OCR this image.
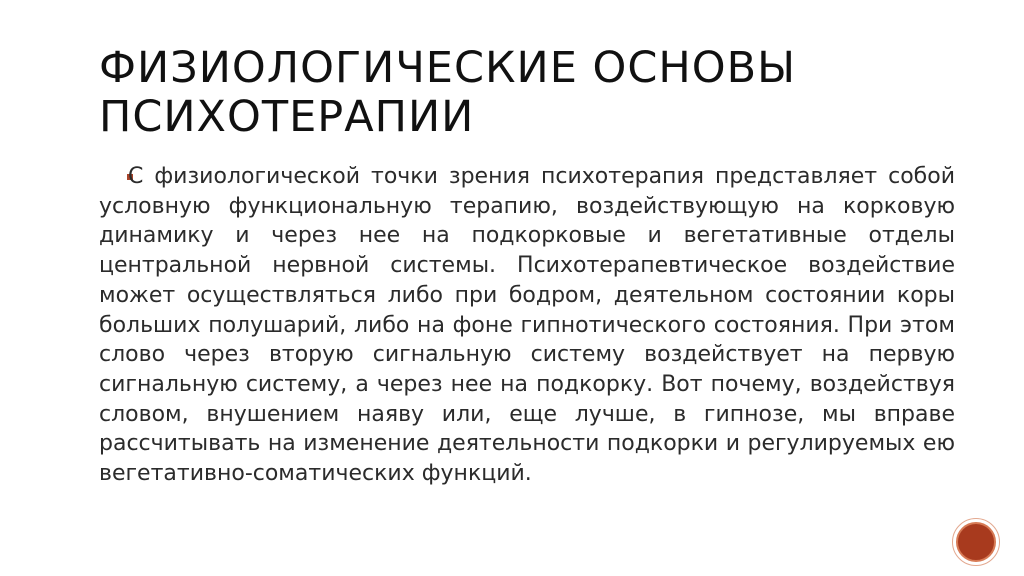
ФИЗИОЛОГИЧЕСКИЕ ОСНОВЫ
ПСИХОТЕРАПИИ

С физиологической точки зрения психотерапия представляет собой условную функциональную терапию, воздействующую на корковую динамику и через нее на подкорковые и вегетативные отделы центральной нервной системы. Психотерапевтическое воздействие может осуществляться либо при бодром, деятельном состоянии коры больших полушарий, либо на фоне гипнотического состояния. При этом слово через вторую сигнальную систему воздействует на первую сигнальную систему, а через нее на подкорку. Вот почему, воздействуя словом, внушением наяву или, еще лучше, в гипнозе, мы вправе рассчитывать на изменение деятельности подкорки и регулируемых ею вегетативно-соматических функций.
